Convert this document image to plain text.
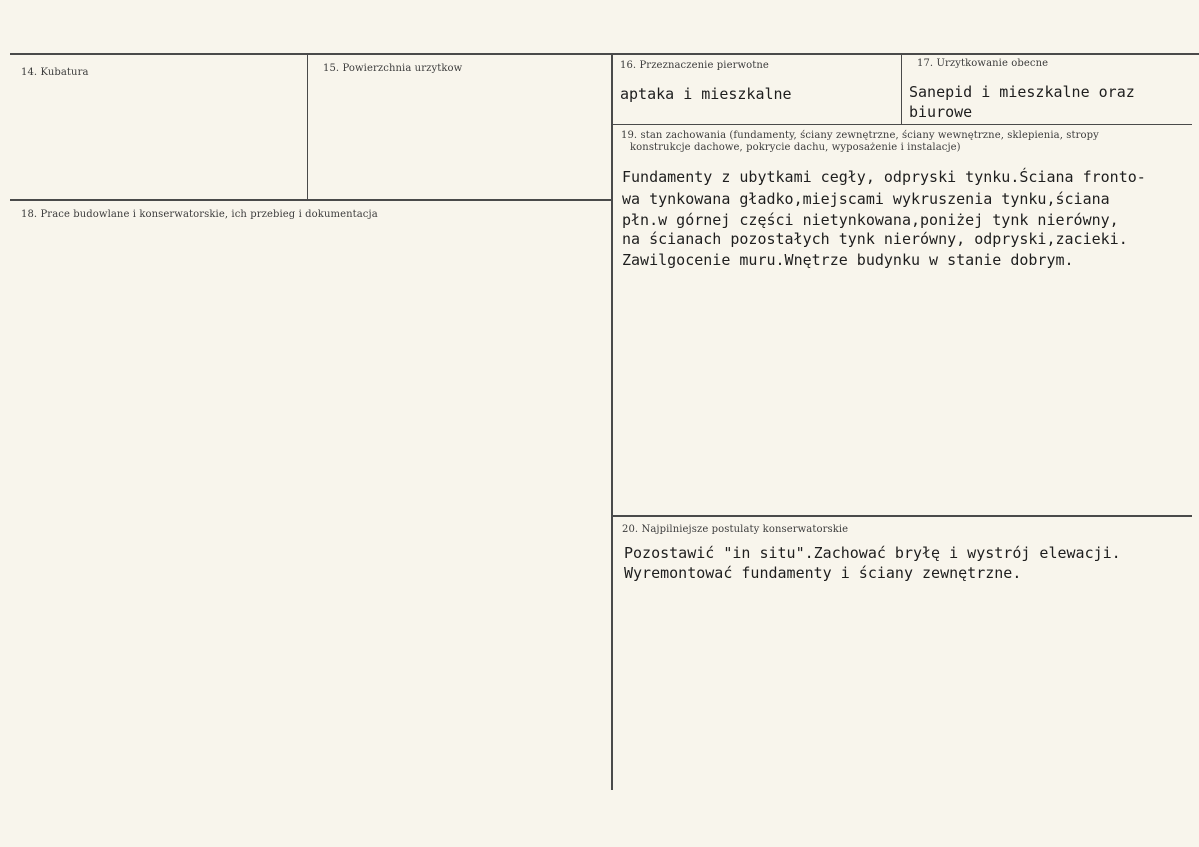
14. Kubatura	15. Powierzchnia urzytkow	16. Przeznaczenie pierwotne
aptaka i mieszkalne
17. Urzytkowanie obecne
Sanepid i mieszkalne oraz
biurowe
18. Prace budowlane i konserwatorskie, ich przebieg i dokumentacja
19. stan zachowania (fundamenty, ściany zewnętrzne, ściany wewnętrzne, sklepienia, stropy
konstrukcje dachowe, pokrycie dachu, wyposażenie i instalacje)
Fundamenty z ubytkami cegły, odpryski tynku.Ściana fronto-
wa tynkowana gładko,miejscami wykruszenia tynku,ściana
płn.w górnej części nietynkowana,poniżej tynk nierówny,
na ścianach pozostałych tynk nierówny, odpryski,zacieki.
Zawilgocenie muru.Wnętrze budynku w stanie dobrym.
20. Najpilniejsze postulaty konserwatorskie
Pozostawić "in situ".Zachować bryłę i wystrój elewacji.
Wyremontować fundamenty i ściany zewnętrzne.
